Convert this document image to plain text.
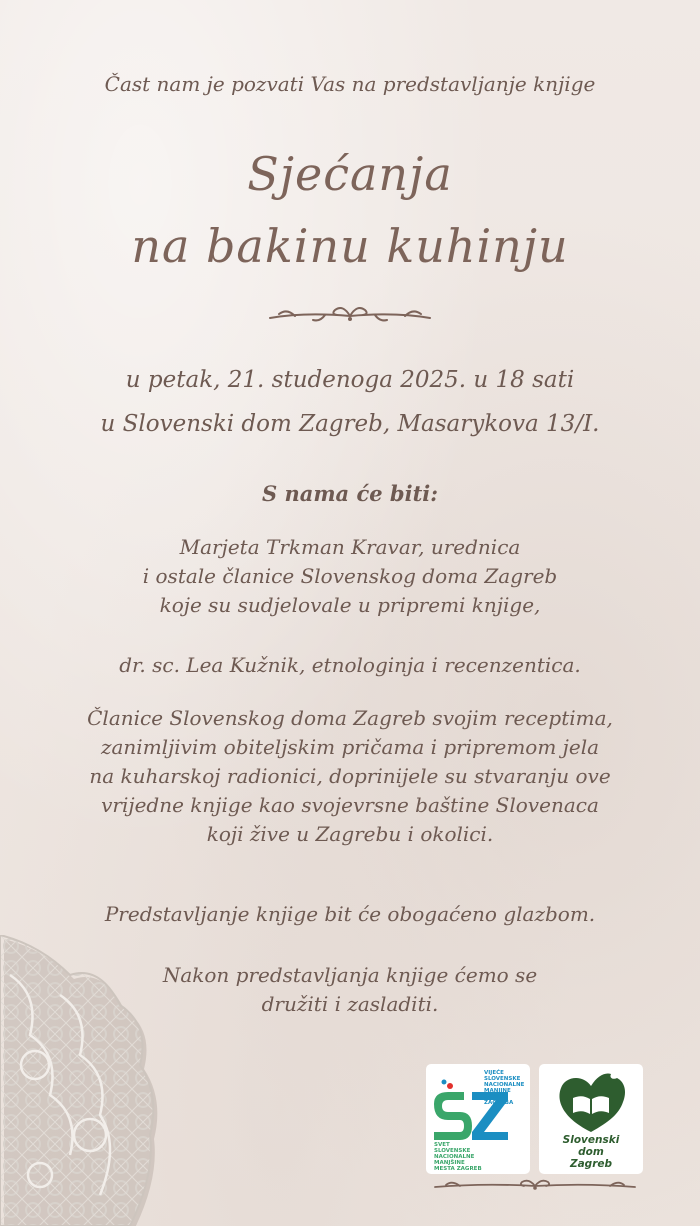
Čast nam je pozvati Vas na predstavljanje knjige
Sjećanja
na bakinu kuhinju
u petak, 21. studenoga 2025. u 18 sati
u Slovenski dom Zagreb, Masarykova 13/I.
S nama će biti:
Marjeta Trkman Kravar, urednica
i ostale članice Slovenskog doma Zagreb
koje su sudjelovale u pripremi knjige,
dr. sc. Lea Kužnik, etnologinja i recenzentica.
Članice Slovenskog doma Zagreb svojim receptima,
zanimljivim obiteljskim pričama i pripremom jela
na kuharskoj radionici, doprinijele su stvaranju ove
vrijedne knjige kao svojevrsne baštine Slovenaca
koji žive u Zagrebu i okolici.
Predstavljanje knjige bit će obogaćeno glazbom.
Nakon predstavljanja knjige ćemo se
družiti i zasladiti.
VIJEĆE
SLOVENSKE
NACIONALNE
MANJINE
GRADA ZAGREBA
SVET
SLOVENSKE
NACIONALNE
MANJŠINE
MESTA ZAGREB
Slovenski
dom
Zagreb
